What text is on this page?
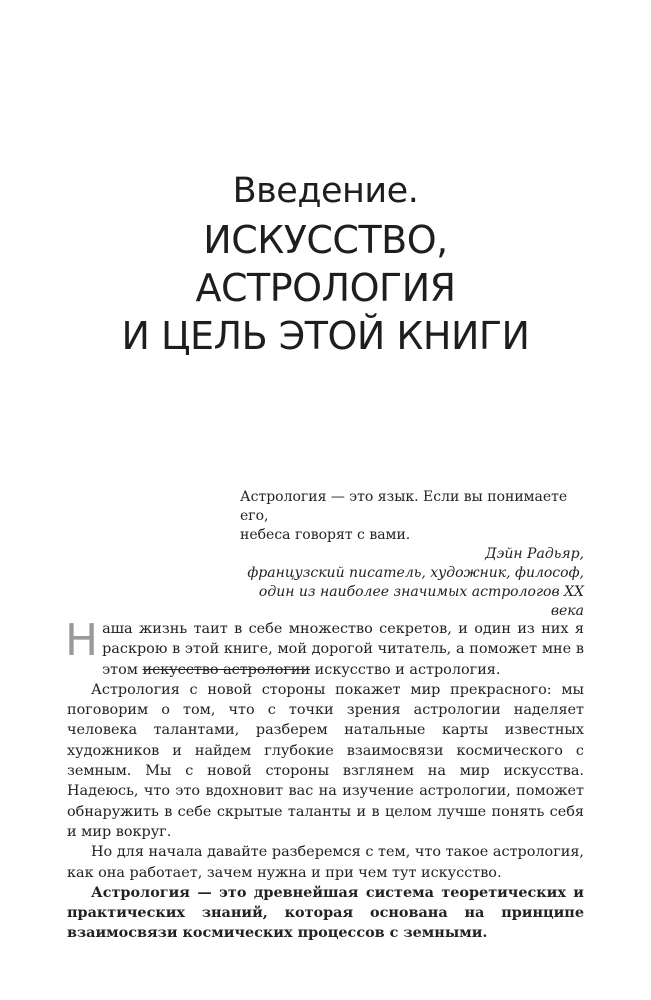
Введение.
ИСКУССТВО,
АСТРОЛОГИЯ
И ЦЕЛЬ ЭТОЙ КНИГИ
Астрология — это язык. Если вы понимаете его,
небеса говорят с вами.
Дэйн Радьяр,
французский писатель, художник, философ,
один из наиболее значимых астрологов XX века

Наша жизнь таит в себе множество секретов, и один из них я раскрою в этой книге, мой дорогой читатель, а поможет мне в этом искусство астрологии искусство и астрология.

Астрология с новой стороны покажет мир прекрасного: мы поговорим о том, что с точки зрения астрологии наделяет человека талантами, разберем натальные карты известных художников и найдем глубокие взаимосвязи космического с земным. Мы с новой стороны взглянем на мир искусства. Надеюсь, что это вдохновит вас на изучение астрологии, поможет обнаружить в себе скрытые таланты и в целом лучше понять себя и мир вокруг.

Но для начала давайте разберемся с тем, что такое астрология, как она работает, зачем нужна и при чем тут искусство.

Астрология — это древнейшая система теоретических и практических знаний, которая основана на принципе взаимосвязи космических процессов с земными.
